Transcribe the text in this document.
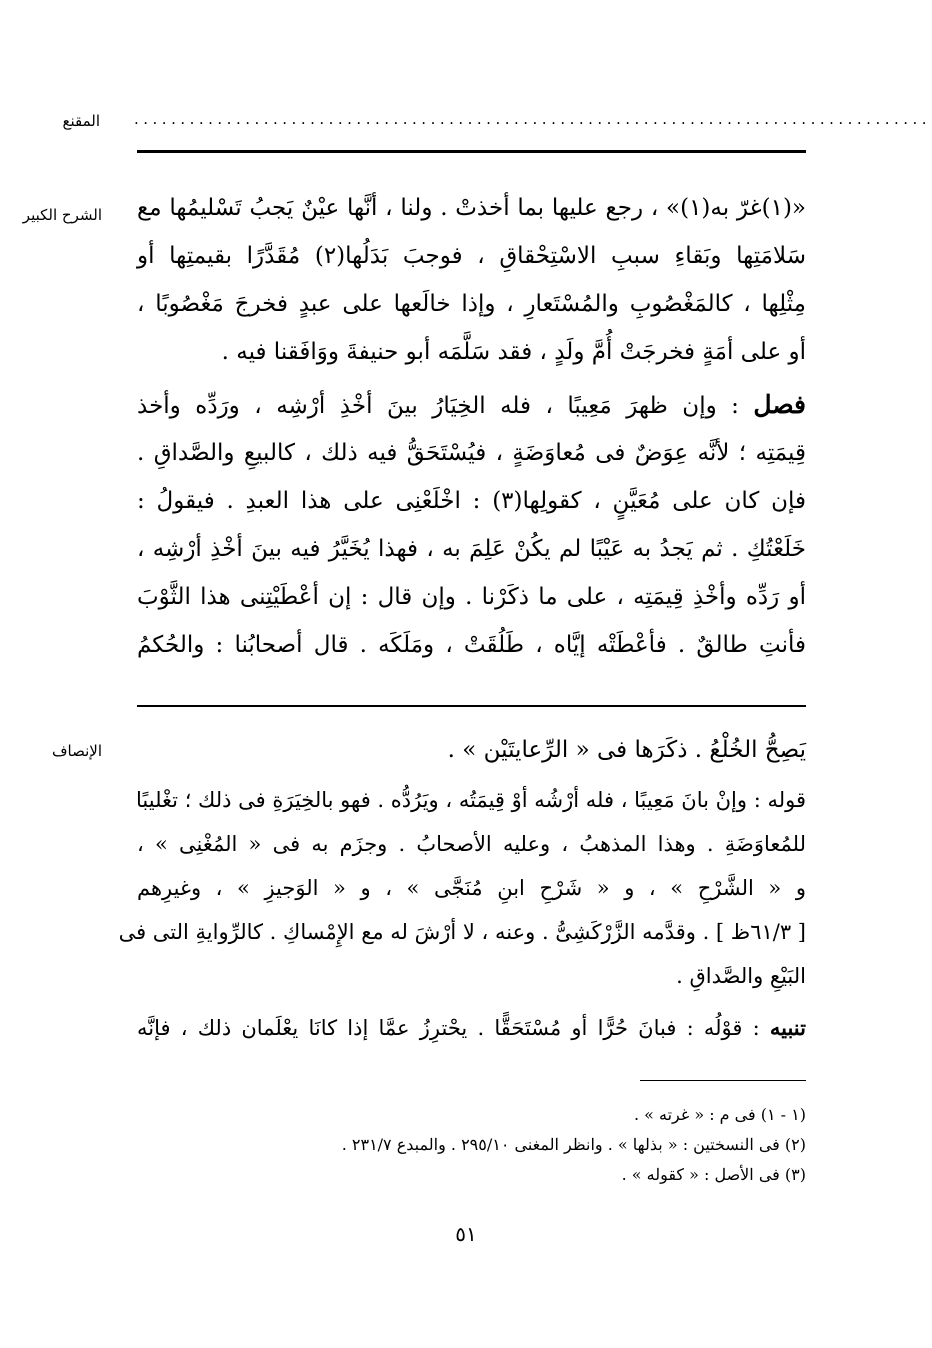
المقنع ......................................................................................
الشرح الكبير «(١)غرّ به(١)» ، رجع عليها بما أخذتْ . ولنا ، أنَّها عيْنٌ يَجبُ تَسْليمُها مع
سَلامَتِها وبَقاءِ سببِ الاسْتِحْقاقِ ، فوجبَ بَدَلُها(٢) مُقَدَّرًا بقيمتِها أو
مِثْلِها ، كالمَغْصُوبِ والمُسْتَعارِ ، وإذا خالَعها على عبدٍ فخرجَ مَغْصُوبًا ،
أو على أمَةٍ فخرجَتْ أُمَّ ولَدٍ ، فقد سَلَّمَه أبو حنيفةَ ووَافَقنا فيه .
فصل : وإن ظهرَ مَعِيبًا ، فله الخِيَارُ بينَ أخْذِ أرْشِه ، ورَدِّه وأخذ
قِيمَتِه ؛ لأنَّه عِوَضٌ فى مُعاوَضَةٍ ، فيُسْتَحَقُّ فيه ذلك ، كالبيعِ والصَّداقِ .
فإن كان على مُعَيَّنٍ ، كقولِها(٣) : اخْلَعْنِى على هذا العبدِ . فيقولُ :
خَلَعْتُكِ . ثم يَجدُ به عَيْبًا لم يكُنْ عَلِمَ به ، فهذا يُخَيَّرُ فيه بينَ أخْذِ أرْشِه ،
أو رَدِّه وأخْذِ قِيمَتِه ، على ما ذكَرْنا . وإن قال : إن أعْطَيْتِنى هذا الثَّوْبَ
فأنتِ طالقٌ . فأعْطَتْه إيَّاه ، طَلُقَتْ ، ومَلَكَه . قال أصحابُنا : والحُكمُ
الإنصاف	يَصِحُّ الخُلْعُ . ذكَرَها فى « الرِّعايتَيْن » .
قوله : وإنْ بانَ مَعِيبًا ، فله أرْشُه أوْ قِيمَتُه ، ويَرُدُّه . فهو بالخِيَرَةِ فى ذلك ؛ تغْليبًا
للمُعاوَضَةِ . وهذا المذهبُ ، وعليه الأصحابُ . وجزَم به فى « المُغْنِى » ،
و « الشَّرْحِ » ، و « شَرْحِ ابنِ مُنَجَّى » ، و « الوَجيزِ » ، وغيرِهم
[ ٦١/٣ظ ] . وقدَّمه الزَّرْكَشِىُّ . وعنه ، لا أرْشَ له مع الإِمْساكِ . كالرِّوايةِ التى فى
البَيْعِ والصَّداقِ .
تنبيه : قوْلُه : فبانَ حُرًّا أو مُسْتَحَقًّا . يحْترِزُ عمَّا إذا كانَا يعْلَمان ذلك ، فإنَّه
(١ - ١) فى م : « غرته » .
(٢) فى النسختين : « بذلها » . وانظر المغنى ٢٩٥/١٠ . والمبدع ٢٣١/٧ .
(٣) فى الأصل : « كقوله » .
٥١
